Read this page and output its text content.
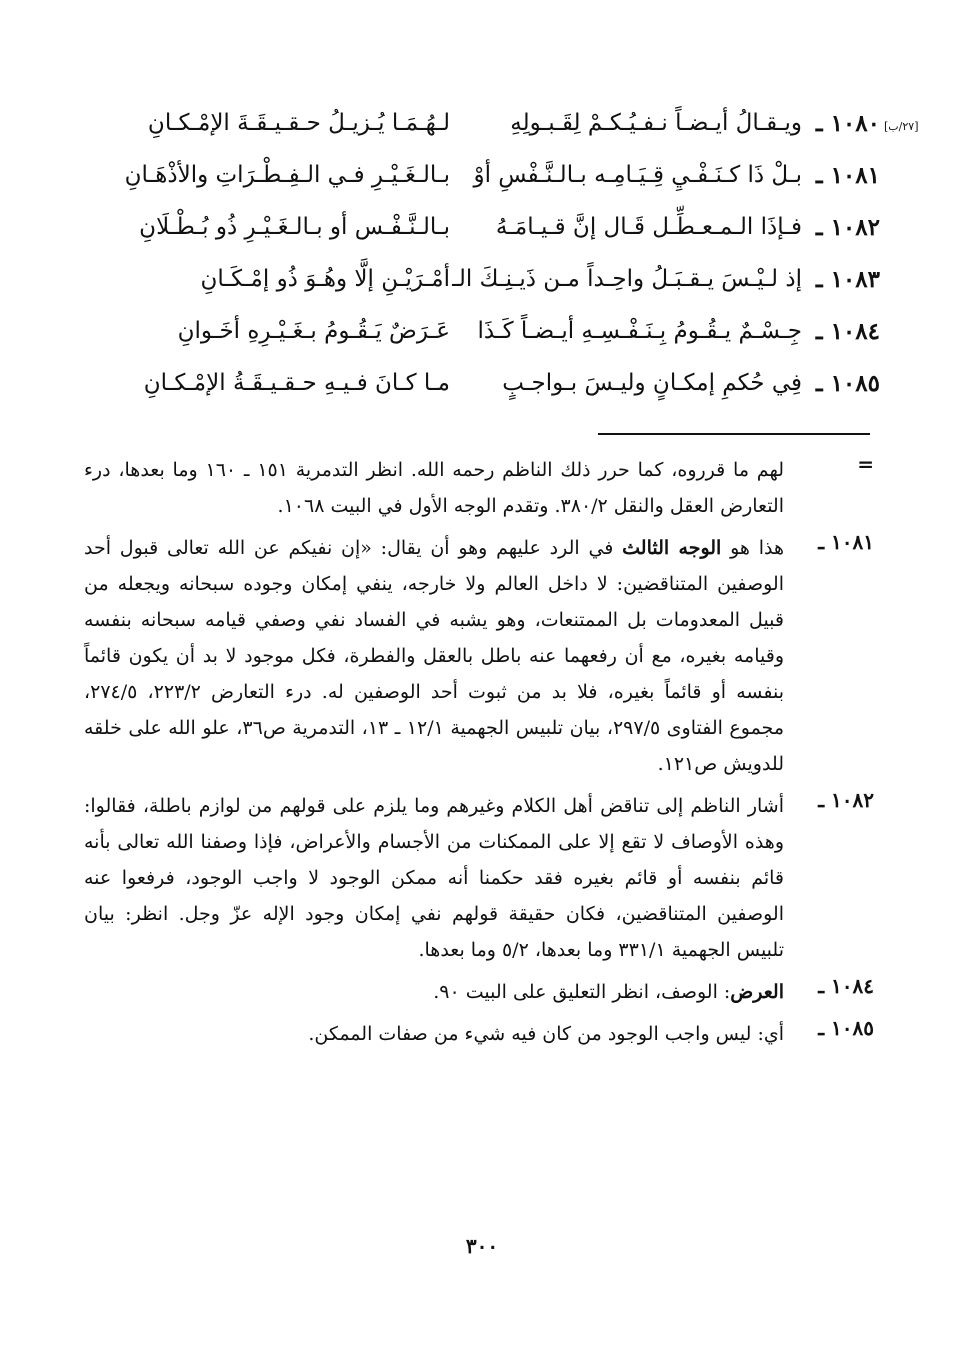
[٢٧/ب]
١٠٨٠ ـ
ويـقـالُ أيـضـاً نـفـيُـكـمْ لِقَـبـولِهِ
لـهُـمَـا يُـزيـلُ حـقـيـقَـةَ الإمْـكـانِ
١٠٨١ ـ
بـلْ ذَا كـنَـفْـيِ قِـيَـامِـه بـالـنَّـفْسِ أوْ
بـالـغَـيْـرِ فـي الـفِـطْـرَاتِ والأذْهَـانِ
١٠٨٢ ـ
فـإذَا الـمـعـطِّـل قَـال إنَّ قـيـامَـهُ
بـالـنَّـفْـس أو بـالـغَـيْـرِ ذُو بُـطْـلَانِ
١٠٨٣ ـ
إذ لـيْـسَ يـقـبَـلُ واحِـداً مـن ذَيـنِـكَ الـ
أمْـرَيْـنِ إلَّا وهُـوَ ذُو إمْـكَـانِ
١٠٨٤ ـ
جِـسْـمٌ يـقُـومُ بِـنَـفْـسِـهِ أيـضـاً كَـذَا
عَـرَضٌ يَـقُـومُ بـغَـيْـرِهِ أخَـوانِ
١٠٨٥ ـ
فِي حُكمِ إمكـانٍ وليـسَ بـواجـبٍ
مـا كـانَ فـيـهِ حـقـيـقَـةُ الإمْـكـانِ
=
لهم ما قرروه، كما حرر ذلك الناظم رحمه الله. انظر التدمرية ١٥١ ـ ١٦٠ وما بعدها، درء التعارض العقل والنقل ٣٨٠/٢. وتقدم الوجه الأول في البيت ١٠٦٨.
١٠٨١ ـ
هذا هو الوجه الثالث في الرد عليهم وهو أن يقال: «إن نفيكم عن الله تعالى قبول أحد الوصفين المتناقضين: لا داخل العالم ولا خارجه، ينفي إمكان وجوده سبحانه ويجعله من قبيل المعدومات بل الممتنعات، وهو يشبه في الفساد نفي وصفي قيامه سبحانه بنفسه وقيامه بغيره، مع أن رفعهما عنه باطل بالعقل والفطرة، فكل موجود لا بد أن يكون قائماً بنفسه أو قائماً بغيره، فلا بد من ثبوت أحد الوصفين له. درء التعارض ٢٢٣/٢، ٢٧٤/٥، مجموع الفتاوى ٢٩٧/٥، بيان تلبيس الجهمية ١٢/١ ـ ١٣، التدمرية ص٣٦، علو الله على خلقه للدويش ص١٢١.
١٠٨٢ ـ
أشار الناظم إلى تناقض أهل الكلام وغيرهم وما يلزم على قولهم من لوازم باطلة، فقالوا: وهذه الأوصاف لا تقع إلا على الممكنات من الأجسام والأعراض، فإذا وصفنا الله تعالى بأنه قائم بنفسه أو قائم بغيره فقد حكمنا أنه ممكن الوجود لا واجب الوجود، فرفعوا عنه الوصفين المتناقضين، فكان حقيقة قولهم نفي إمكان وجود الإله عزّ وجل. انظر: بيان تلبيس الجهمية ٣٣١/١ وما بعدها، ٥/٢ وما بعدها.
١٠٨٤ ـ
العرض: الوصف، انظر التعليق على البيت ٩٠.
١٠٨٥ ـ
أي: ليس واجب الوجود من كان فيه شيء من صفات الممكن.
٣٠٠
